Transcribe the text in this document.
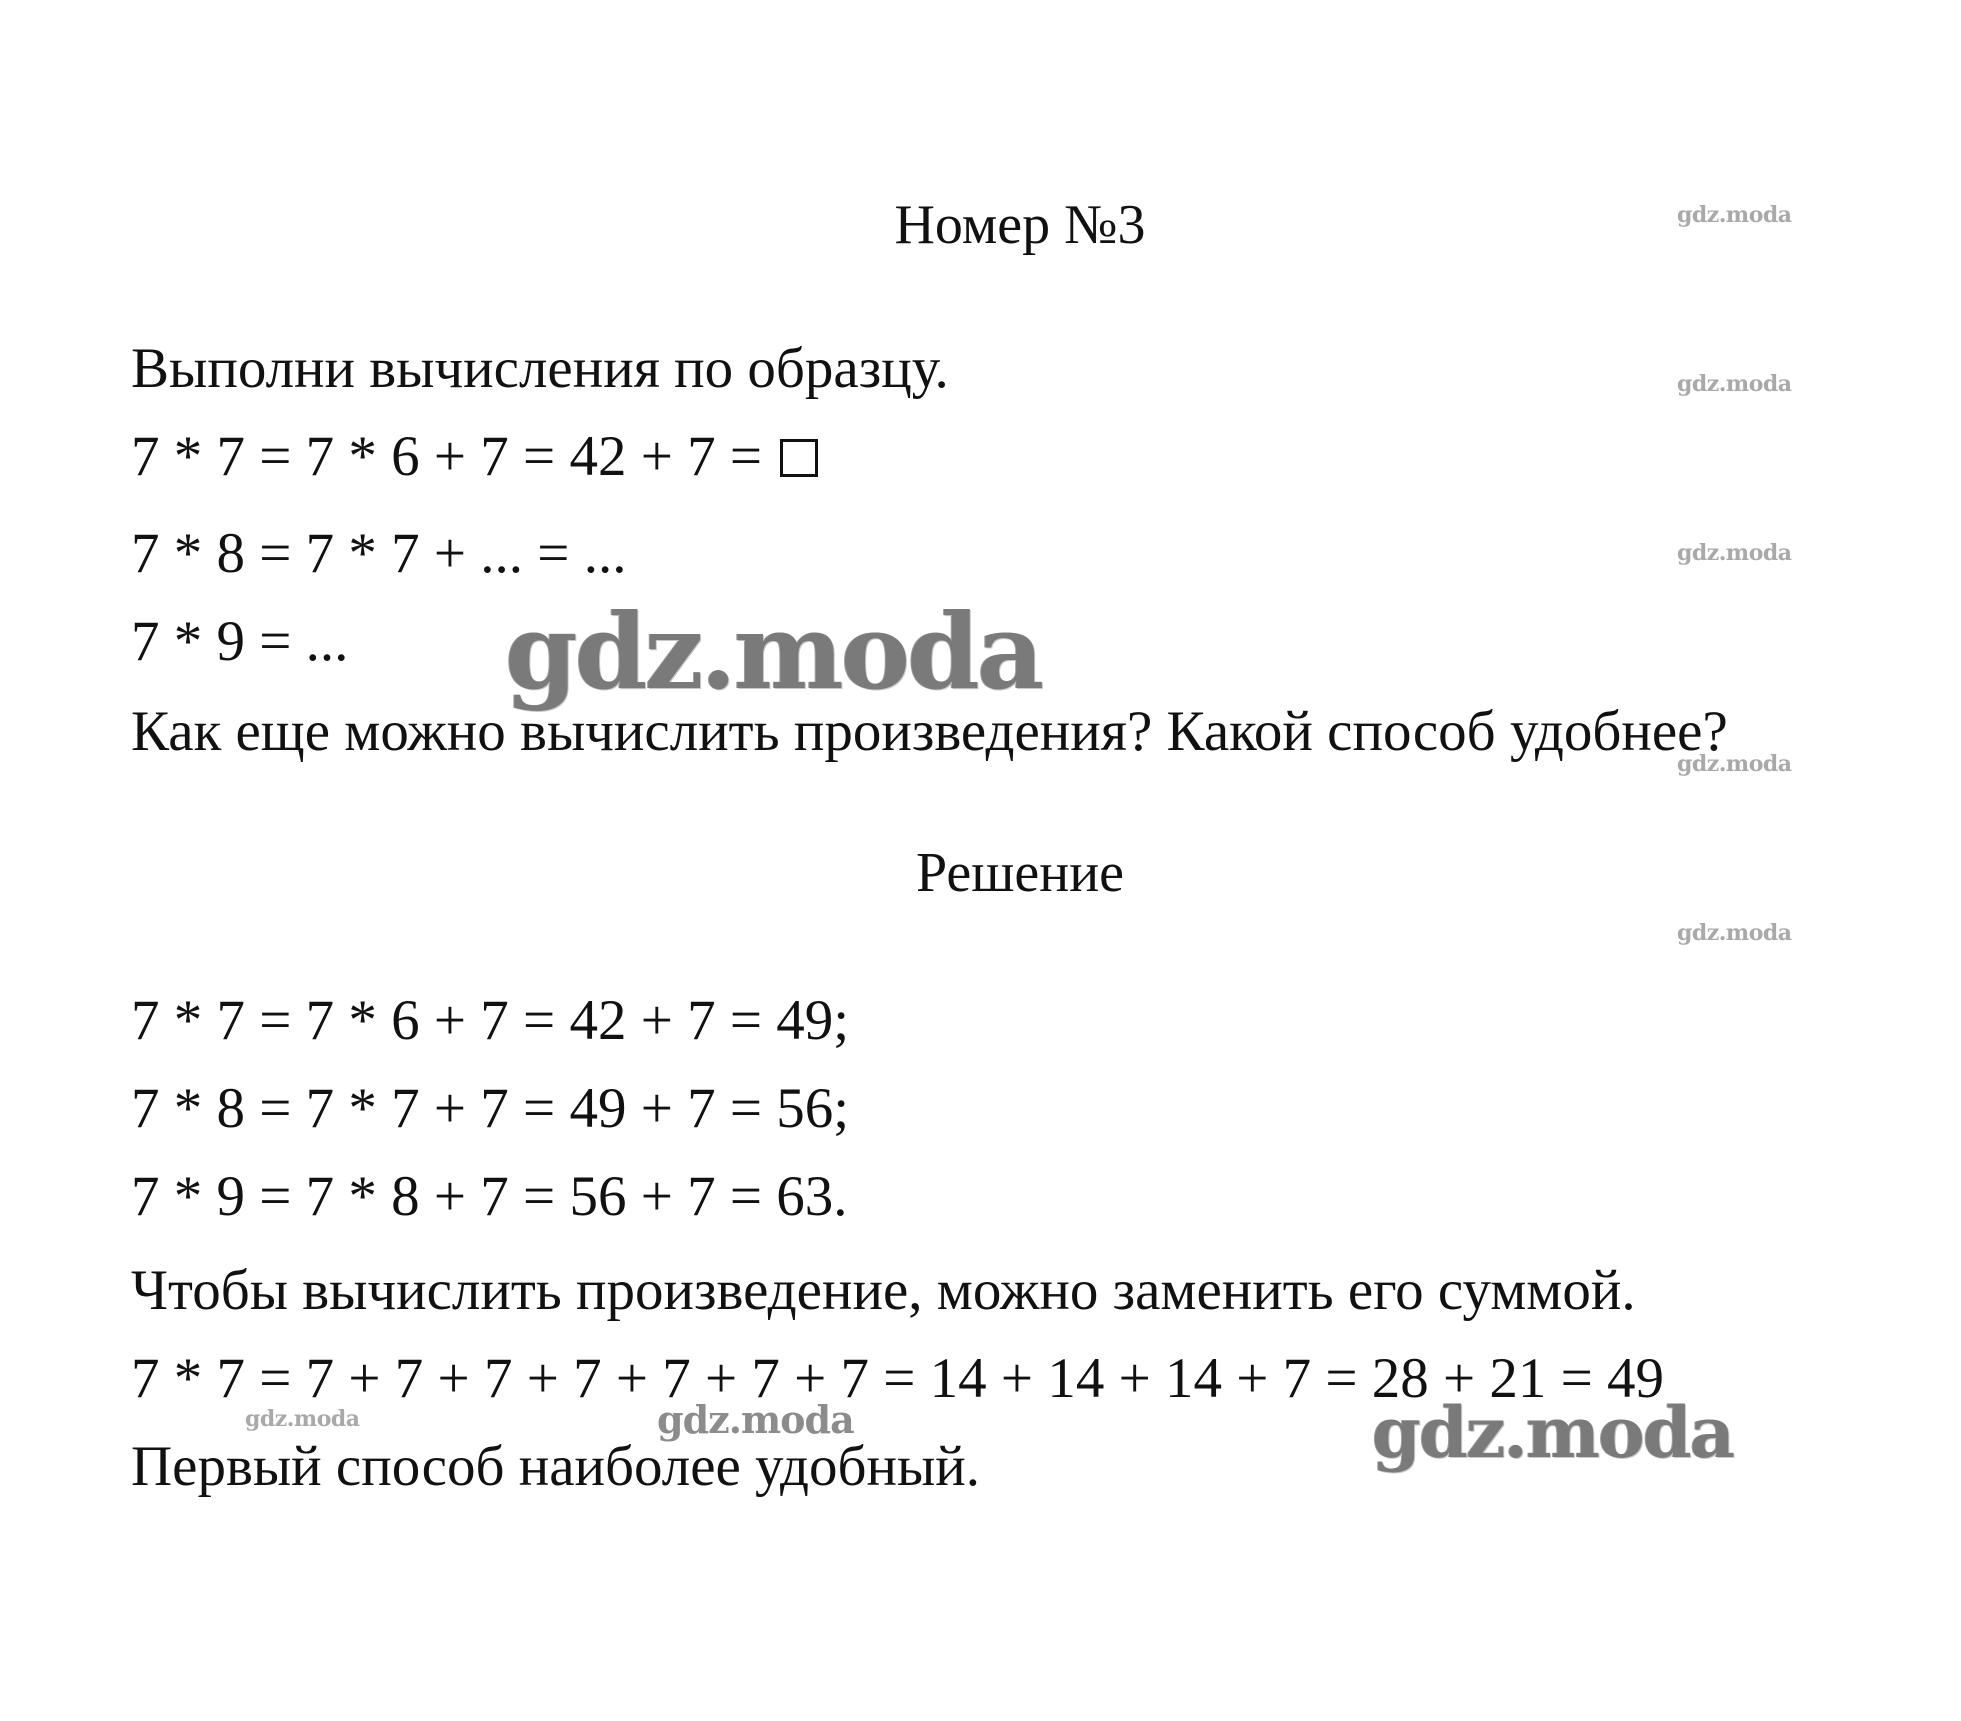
Номер №3
Выполни вычисления по образцу.
7 * 7 = 7 * 6 + 7 = 42 + 7 =
7 * 8 = 7 * 7 + ... = ...
7 * 9 = ...
Как еще можно вычислить произведения? Какой способ удобнее?
Решение
7 * 7 = 7 * 6 + 7 = 42 + 7 = 49;
7 * 8 = 7 * 7 + 7 = 49 + 7 = 56;
7 * 9 = 7 * 8 + 7 = 56 + 7 = 63.
Чтобы вычислить произведение, можно заменить его суммой.
7 * 7 = 7 + 7 + 7 + 7 + 7 + 7 + 7 = 14 + 14 + 14 + 7 = 28 + 21 = 49
Первый способ наиболее удобный.
gdz.moda
gdz.moda
gdz.moda
gdz.moda
gdz.moda
gdz.moda	gdz.moda
gdz.moda
gdz.moda
